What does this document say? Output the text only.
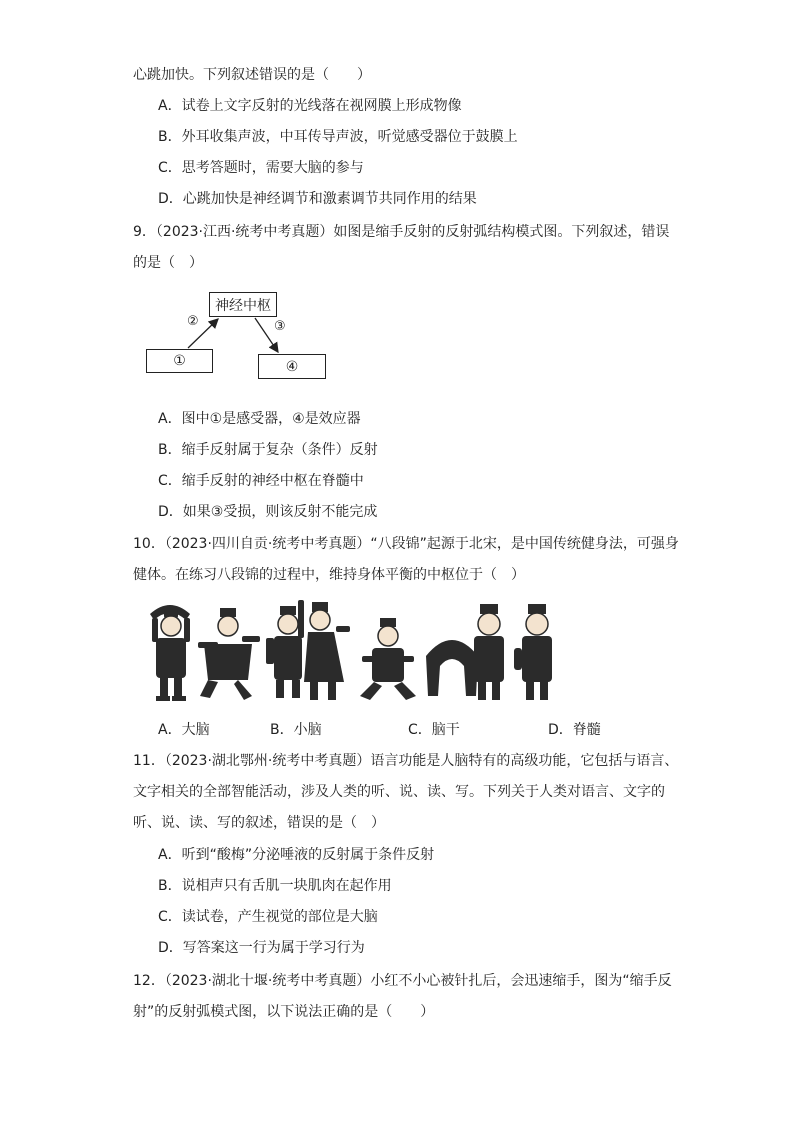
心跳加快。下列叙述错误的是（　　）
A．试卷上文字反射的光线落在视网膜上形成物像
B．外耳收集声波，中耳传导声波，听觉感受器位于鼓膜上
C．思考答题时，需要大脑的参与
D．心跳加快是神经调节和激素调节共同作用的结果
9．（2023·江西·统考中考真题）如图是缩手反射的反射弧结构模式图。下列叙述，错误
的是（　）
神经中枢
①	④
②	③
A．图中①是感受器，④是效应器
B．缩手反射属于复杂（条件）反射
C．缩手反射的神经中枢在脊髓中
D．如果③受损，则该反射不能完成
10．（2023·四川自贡·统考中考真题）“八段锦”起源于北宋，是中国传统健身法，可强身
健体。在练习八段锦的过程中，维持身体平衡的中枢位于（　）
A．大脑	B．小脑	C．脑干	D．脊髓
11．（2023·湖北鄂州·统考中考真题）语言功能是人脑特有的高级功能，它包括与语言、
文字相关的全部智能活动，涉及人类的听、说、读、写。下列关于人类对语言、文字的
听、说、读、写的叙述，错误的是（　）
A．听到“酸梅”分泌唾液的反射属于条件反射
B．说相声只有舌肌一块肌肉在起作用
C．读试卷，产生视觉的部位是大脑
D．写答案这一行为属于学习行为
12．（2023·湖北十堰·统考中考真题）小红不小心被针扎后，会迅速缩手，图为“缩手反
射”的反射弧模式图，以下说法正确的是（　　）
